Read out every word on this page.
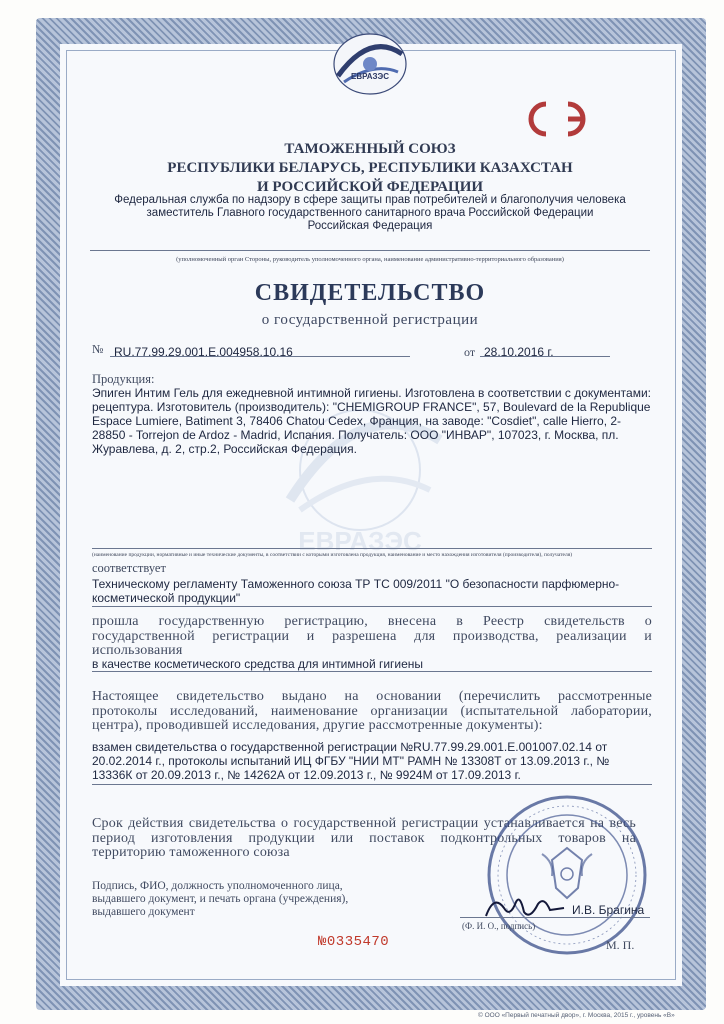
ЕВРАЗЭС
ЕВРАЗЭС
ТАМОЖЕННЫЙ СОЮЗ
РЕСПУБЛИКИ БЕЛАРУСЬ, РЕСПУБЛИКИ КАЗАХСТАН
И РОССИЙСКОЙ ФЕДЕРАЦИИ
Федеральная служба по надзору в сфере защиты прав потребителей и благополучия человека
заместитель Главного государственного санитарного врача Российской Федерации
Российская Федерация
(уполномоченный орган Стороны, руководитель уполномоченного органа, наименование административно-территориального образования)
СВИДЕТЕЛЬСТВО
о государственной регистрации
№ RU.77.99.29.001.Е.004958.10.16	от 28.10.2016 г.
Продукция:
Эпиген Интим Гель для ежедневной интимной гигиены. Изготовлена в соответствии с документами:
рецептура. Изготовитель (производитель): "CHEMIGROUP FRANCE", 57, Boulevard de la Republique
Espace Lumiere, Batiment 3, 78406 Chatou Cedex, Франция, на заводе: "Cosdiet", calle Hierro, 2-
28850 - Torrejon de Ardoz - Madrid, Испания. Получатель: ООО "ИНВАР", 107023, г. Москва, пл.
Журавлева, д. 2, стр.2, Российская Федерация.
(наименование продукции, нормативные и иные технические документы, в соответствии с которыми изготовлена продукция, наименование и место нахождения изготовителя (производителя), получателя)
соответствует
Техническому регламенту Таможенного союза ТР ТС 009/2011 "О безопасности парфюмерно-
косметической продукции"
прошла государственную регистрацию, внесена в Реестр свидетельств о
государственной регистрации и разрешена для производства, реализации и
использования
в качестве косметического средства для интимной гигиены
Настоящее свидетельство выдано на основании (перечислить рассмотренные
протоколы исследований, наименование организации (испытательной лаборатории,
центра), проводившей исследования, другие рассмотренные документы):
взамен свидетельства о государственной регистрации №RU.77.99.29.001.Е.001007.02.14 от
20.02.2014 г., протоколы испытаний ИЦ ФГБУ "НИИ МТ" РАМН № 13308Т от 13.09.2013 г., №
13336К от 20.09.2013 г., № 14262А от 12.09.2013 г., № 9924М от 17.09.2013 г.
Срок действия свидетельства о государственной регистрации устанавливается на весь
период изготовления продукции или поставок подконтрольных товаров на
территорию таможенного союза
Подпись, ФИО, должность уполномоченного лица,
выдавшего документ, и печать органа (учреждения),
выдавшего документ	И.В. Брагина
(Ф. И. О., подпись)
М. П.
№0335470
© ООО «Первый печатный двор», г. Москва, 2015 г., уровень «В»
